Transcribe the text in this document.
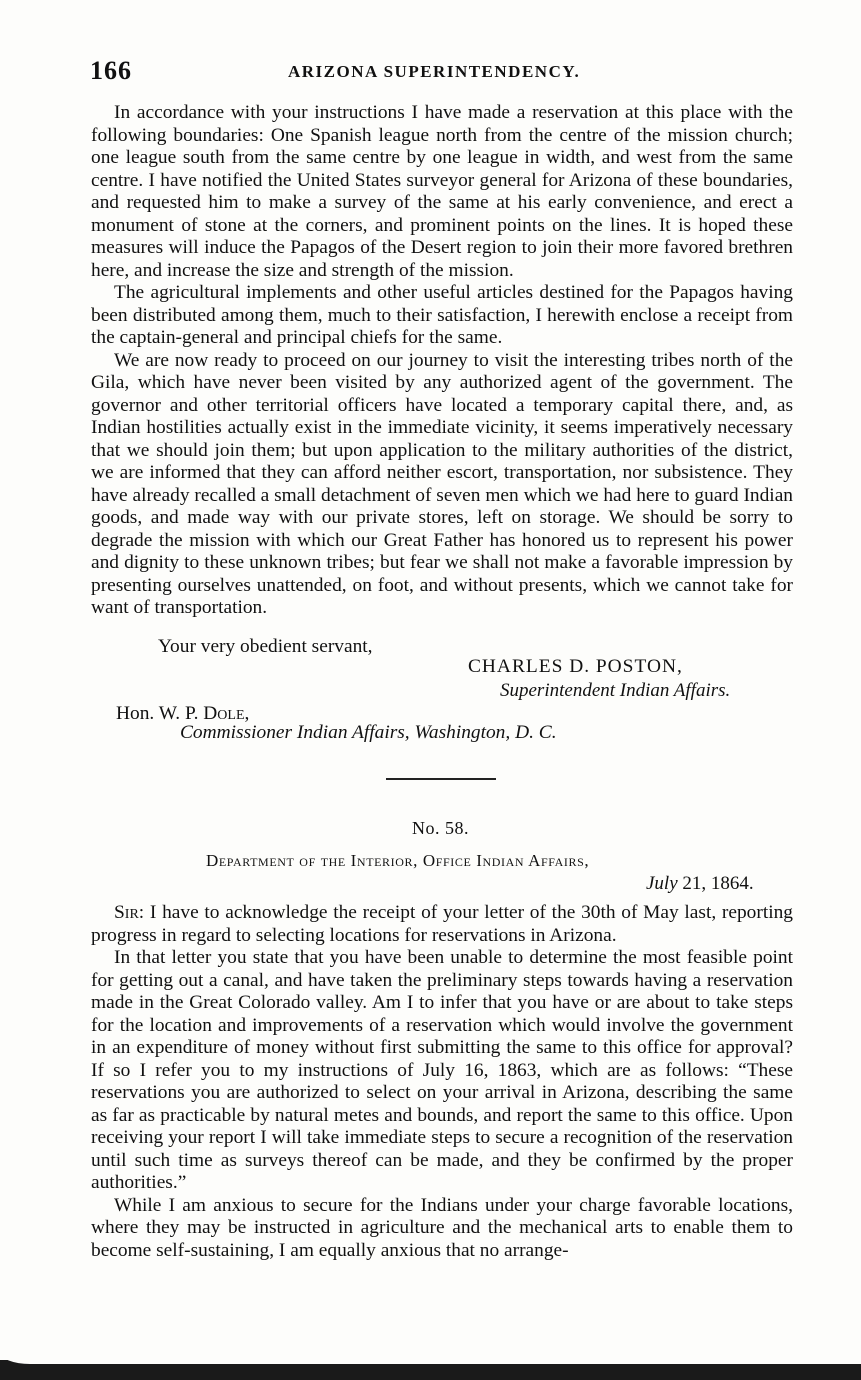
166	ARIZONA SUPERINTENDENCY.

In accordance with your instructions I have made a reservation at this place with the following boundaries: One Spanish league north from the centre of the mission church; one league south from the same centre by one league in width, and west from the same centre. I have notified the United States surveyor general for Arizona of these boundaries, and requested him to make a survey of the same at his early convenience, and erect a monument of stone at the corners, and prominent points on the lines. It is hoped these measures will induce the Papagos of the Desert region to join their more favored brethren here, and increase the size and strength of the mission.

The agricultural implements and other useful articles destined for the Papagos having been distributed among them, much to their satisfaction, I herewith enclose a receipt from the captain-general and principal chiefs for the same.

We are now ready to proceed on our journey to visit the interesting tribes north of the Gila, which have never been visited by any authorized agent of the government. The governor and other territorial officers have located a temporary capital there, and, as Indian hostilities actually exist in the immediate vicinity, it seems imperatively necessary that we should join them; but upon application to the military authorities of the district, we are informed that they can afford neither escort, transportation, nor subsistence. They have already recalled a small detachment of seven men which we had here to guard Indian goods, and made way with our private stores, left on storage. We should be sorry to degrade the mission with which our Great Father has honored us to represent his power and dignity to these unknown tribes; but fear we shall not make a favorable impression by presenting ourselves unattended, on foot, and without presents, which we cannot take for want of transportation.

Your very obedient servant,
CHARLES D. POSTON,
Superintendent Indian Affairs.
Hon. W. P. Dole,
Commissioner Indian Affairs, Washington, D. C.
No. 58.
Department of the Interior, Office Indian Affairs,
July 21, 1864.

Sir: I have to acknowledge the receipt of your letter of the 30th of May last, reporting progress in regard to selecting locations for reservations in Arizona.

In that letter you state that you have been unable to determine the most feasible point for getting out a canal, and have taken the preliminary steps towards having a reservation made in the Great Colorado valley. Am I to infer that you have or are about to take steps for the location and improvements of a reservation which would involve the government in an expenditure of money without first submitting the same to this office for approval? If so I refer you to my instructions of July 16, 1863, which are as follows: “These reservations you are authorized to select on your arrival in Arizona, describing the same as far as practicable by natural metes and bounds, and report the same to this office. Upon receiving your report I will take immediate steps to secure a recognition of the reservation until such time as surveys thereof can be made, and they be confirmed by the proper authorities.”

While I am anxious to secure for the Indians under your charge favorable locations, where they may be instructed in agriculture and the mechanical arts to enable them to become self-sustaining, I am equally anxious that no arrange-
